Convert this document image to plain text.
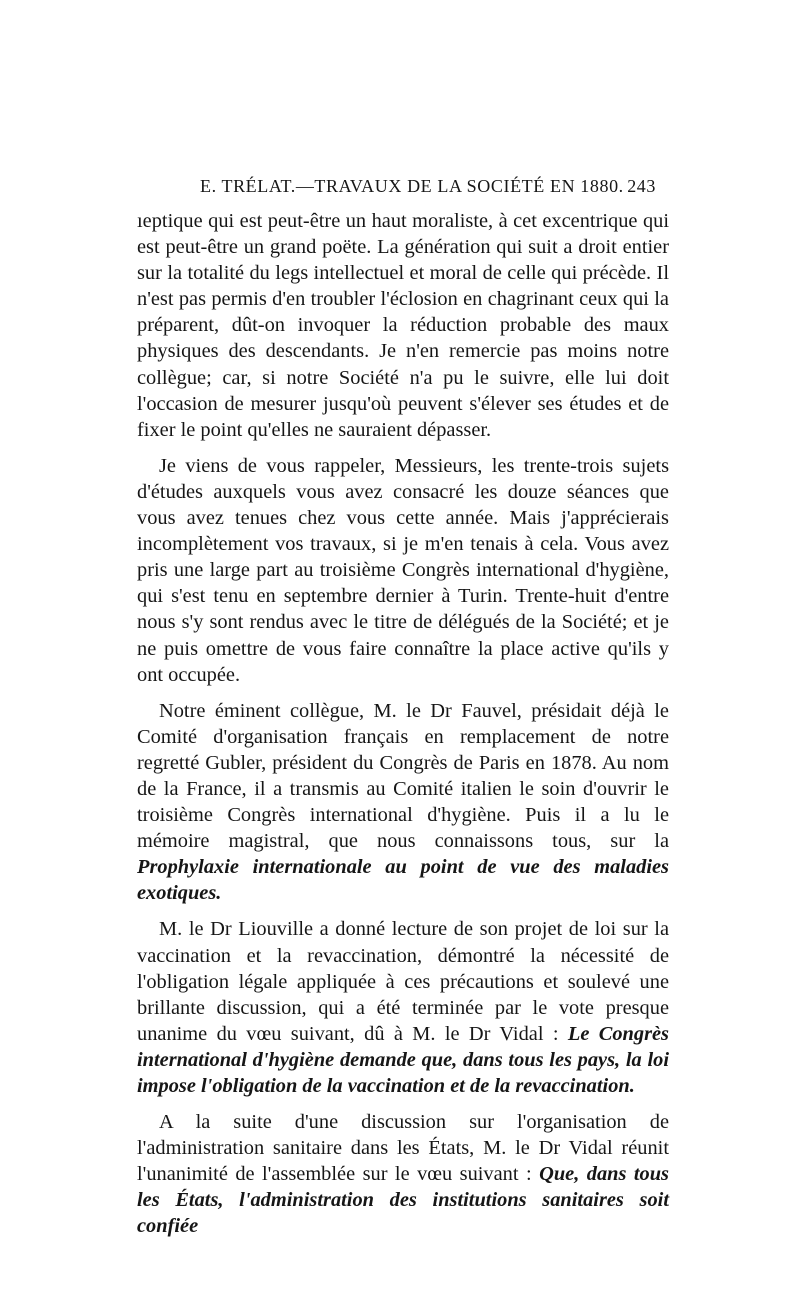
E. TRÉLAT.—TRAVAUX DE LA SOCIÉTÉ EN 1880. 243

ıeptique qui est peut-être un haut moraliste, à cet excentrique qui est peut-être un grand poëte. La génération qui suit a droit entier sur la totalité du legs intellectuel et moral de celle qui précède. Il n'est pas permis d'en troubler l'éclosion en chagrinant ceux qui la préparent, dût-on invoquer la réduction probable des maux physiques des descendants. Je n'en remercie pas moins notre collègue; car, si notre Société n'a pu le suivre, elle lui doit l'occasion de mesurer jusqu'où peuvent s'élever ses études et de fixer le point qu'elles ne sauraient dépasser.

Je viens de vous rappeler, Messieurs, les trente-trois sujets d'études auxquels vous avez consacré les douze séances que vous avez tenues chez vous cette année. Mais j'apprécierais incomplètement vos travaux, si je m'en tenais à cela. Vous avez pris une large part au troisième Congrès international d'hygiène, qui s'est tenu en septembre dernier à Turin. Trente-huit d'entre nous s'y sont rendus avec le titre de délégués de la Société; et je ne puis omettre de vous faire connaître la place active qu'ils y ont occupée.

Notre éminent collègue, M. le Dr Fauvel, présidait déjà le Comité d'organisation français en remplacement de notre regretté Gubler, président du Congrès de Paris en 1878. Au nom de la France, il a transmis au Comité italien le soin d'ouvrir le troisième Congrès international d'hygiène. Puis il a lu le mémoire magistral, que nous connaissons tous, sur la Prophylaxie internationale au point de vue des maladies exotiques.

M. le Dr Liouville a donné lecture de son projet de loi sur la vaccination et la revaccination, démontré la nécessité de l'obligation légale appliquée à ces précautions et soulevé une brillante discussion, qui a été terminée par le vote presque unanime du vœu suivant, dû à M. le Dr Vidal : Le Congrès international d'hygiène demande que, dans tous les pays, la loi impose l'obligation de la vaccination et de la revaccination.

A la suite d'une discussion sur l'organisation de l'administration sanitaire dans les États, M. le Dr Vidal réunit l'unanimité de l'assemblée sur le vœu suivant : Que, dans tous les États, l'administration des institutions sanitaires soit confiée
